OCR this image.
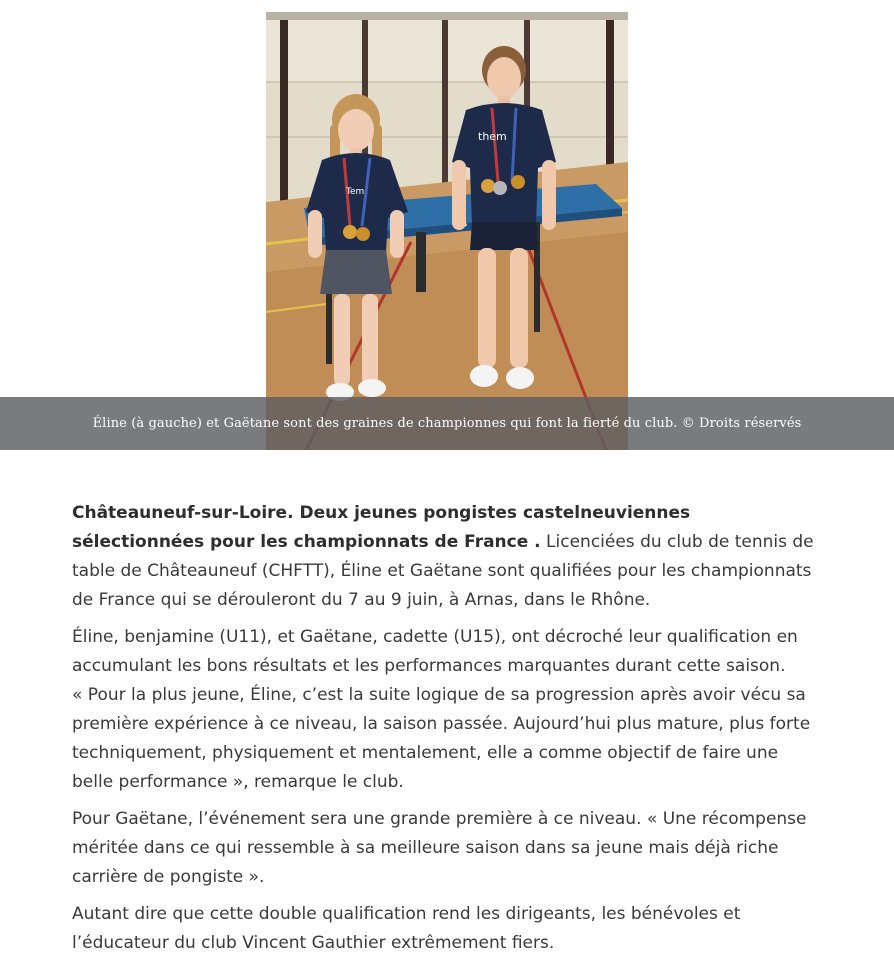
Tem
them
Éline (à gauche) et Gaëtane sont des graines de championnes qui font la fierté du club. © Droits réservés

Châteauneuf-sur-Loire. Deux jeunes pongistes castelneuviennes sélectionnées pour les championnats de France . Licenciées du club de tennis de table de Châteauneuf (CHFTT), Éline et Gaëtane sont qualifiées pour les championnats de France qui se dérouleront du 7 au 9 juin, à Arnas, dans le Rhône.

Éline, benjamine (U11), et Gaëtane, cadette (U15), ont décroché leur qualification en accumulant les bons résultats et les performances marquantes durant cette saison.
« Pour la plus jeune, Éline, c’est la suite logique de sa progression après avoir vécu sa première expérience à ce niveau, la saison passée. Aujourd’hui plus mature, plus forte techniquement, physiquement et mentalement, elle a comme objectif de faire une belle performance », remarque le club.

Pour Gaëtane, l’événement sera une grande première à ce niveau. « Une récompense méritée dans ce qui ressemble à sa meilleure saison dans sa jeune mais déjà riche carrière de pongiste ».

Autant dire que cette double qualification rend les dirigeants, les bénévoles et l’éducateur du club Vincent Gauthier extrêmement fiers.
